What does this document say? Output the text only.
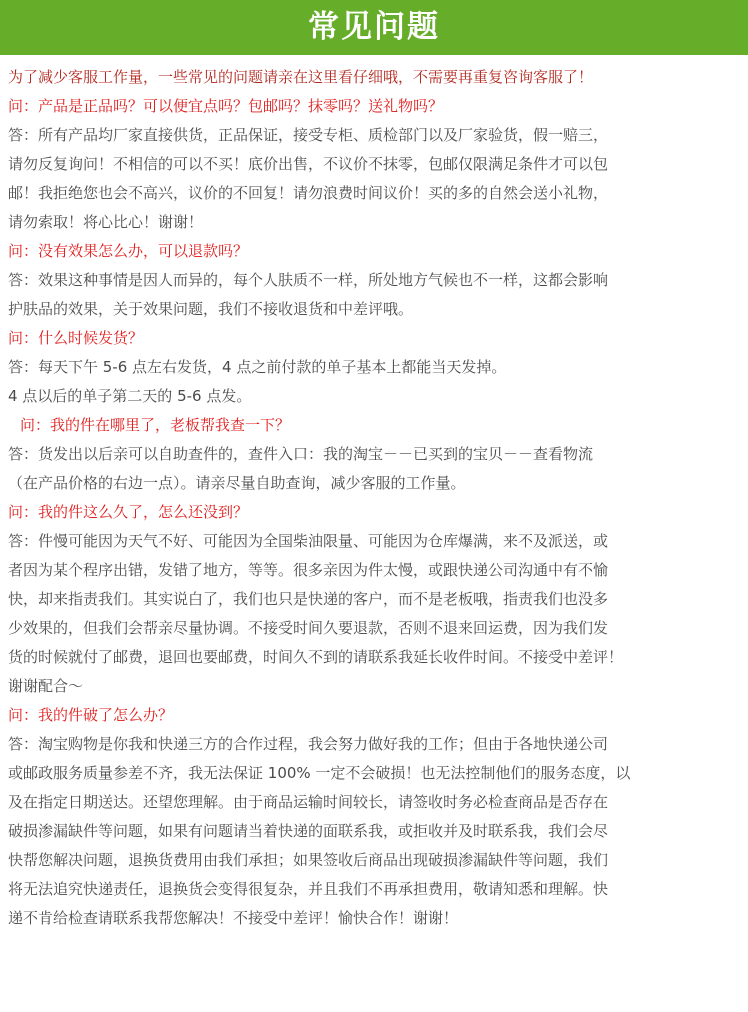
常见问题
为了减少客服工作量，一些常见的问题请亲在这里看仔细哦，不需要再重复咨询客服了！
问：产品是正品吗？可以便宜点吗？包邮吗？抹零吗？送礼物吗？
答：所有产品均厂家直接供货，正品保证，接受专柜、质检部门以及厂家验货，假一赔三，
请勿反复询问！不相信的可以不买！底价出售，不议价不抹零，包邮仅限满足条件才可以包
邮！我拒绝您也会不高兴，议价的不回复！请勿浪费时间议价！买的多的自然会送小礼物，
请勿索取！将心比心！谢谢！
问：没有效果怎么办，可以退款吗？
答：效果这种事情是因人而异的，每个人肤质不一样，所处地方气候也不一样，这都会影响
护肤品的效果，关于效果问题，我们不接收退货和中差评哦。
问：什么时候发货？
答：每天下午 5-6 点左右发货，4 点之前付款的单子基本上都能当天发掉。
4 点以后的单子第二天的 5-6 点发。
问：我的件在哪里了，老板帮我查一下？
答：货发出以后亲可以自助查件的，查件入口：我的淘宝－－已买到的宝贝－－查看物流
（在产品价格的右边一点）。请亲尽量自助查询，减少客服的工作量。
问：我的件这么久了，怎么还没到？
答：件慢可能因为天气不好、可能因为全国柴油限量、可能因为仓库爆满，来不及派送，或
者因为某个程序出错，发错了地方，等等。很多亲因为件太慢，或跟快递公司沟通中有不愉
快，却来指责我们。其实说白了，我们也只是快递的客户，而不是老板哦，指责我们也没多
少效果的，但我们会帮亲尽量协调。不接受时间久要退款，否则不退来回运费，因为我们发
货的时候就付了邮费，退回也要邮费，时间久不到的请联系我延长收件时间。不接受中差评！
谢谢配合～
问：我的件破了怎么办？
答：淘宝购物是你我和快递三方的合作过程，我会努力做好我的工作；但由于各地快递公司
或邮政服务质量参差不齐，我无法保证 100% 一定不会破损！也无法控制他们的服务态度，以
及在指定日期送达。还望您理解。由于商品运输时间较长，请签收时务必检查商品是否存在
破损渗漏缺件等问题，如果有问题请当着快递的面联系我，或拒收并及时联系我，我们会尽
快帮您解决问题，退换货费用由我们承担；如果签收后商品出现破损渗漏缺件等问题，我们
将无法追究快递责任，退换货会变得很复杂，并且我们不再承担费用，敬请知悉和理解。快
递不肯给检查请联系我帮您解决！不接受中差评！愉快合作！谢谢！
